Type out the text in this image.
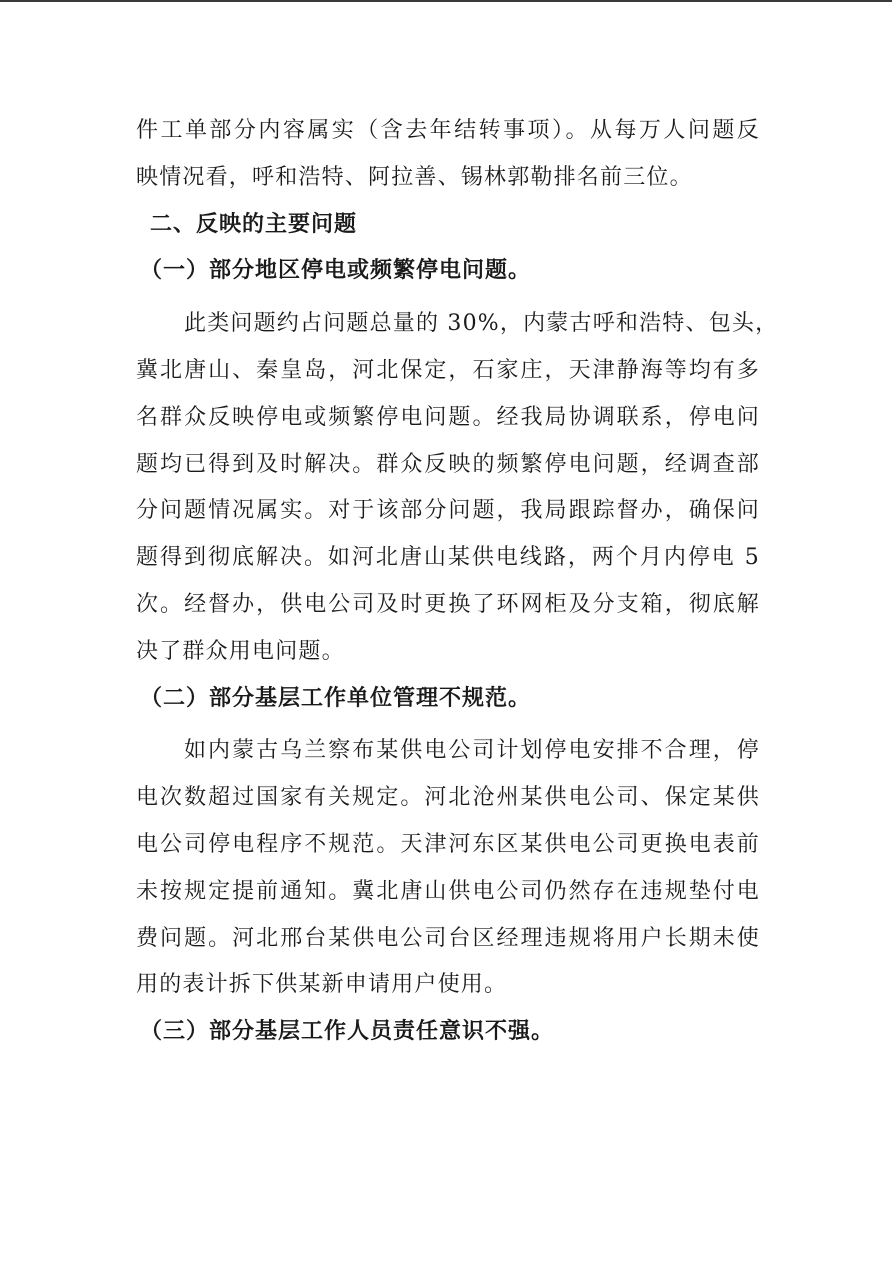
件工单部分内容属实（含去年结转事项）。从每万人问题反
映情况看，呼和浩特、阿拉善、锡林郭勒排名前三位。
二、反映的主要问题
（一）部分地区停电或频繁停电问题。
此类问题约占问题总量的 30%，内蒙古呼和浩特、包头，
冀北唐山、秦皇岛，河北保定，石家庄，天津静海等均有多
名群众反映停电或频繁停电问题。经我局协调联系，停电问
题均已得到及时解决。群众反映的频繁停电问题，经调查部
分问题情况属实。对于该部分问题，我局跟踪督办，确保问
题得到彻底解决。如河北唐山某供电线路，两个月内停电 5
次。经督办，供电公司及时更换了环网柜及分支箱，彻底解
决了群众用电问题。
（二）部分基层工作单位管理不规范。
如内蒙古乌兰察布某供电公司计划停电安排不合理，停
电次数超过国家有关规定。河北沧州某供电公司、保定某供
电公司停电程序不规范。天津河东区某供电公司更换电表前
未按规定提前通知。冀北唐山供电公司仍然存在违规垫付电
费问题。河北邢台某供电公司台区经理违规将用户长期未使
用的表计拆下供某新申请用户使用。
（三）部分基层工作人员责任意识不强。
